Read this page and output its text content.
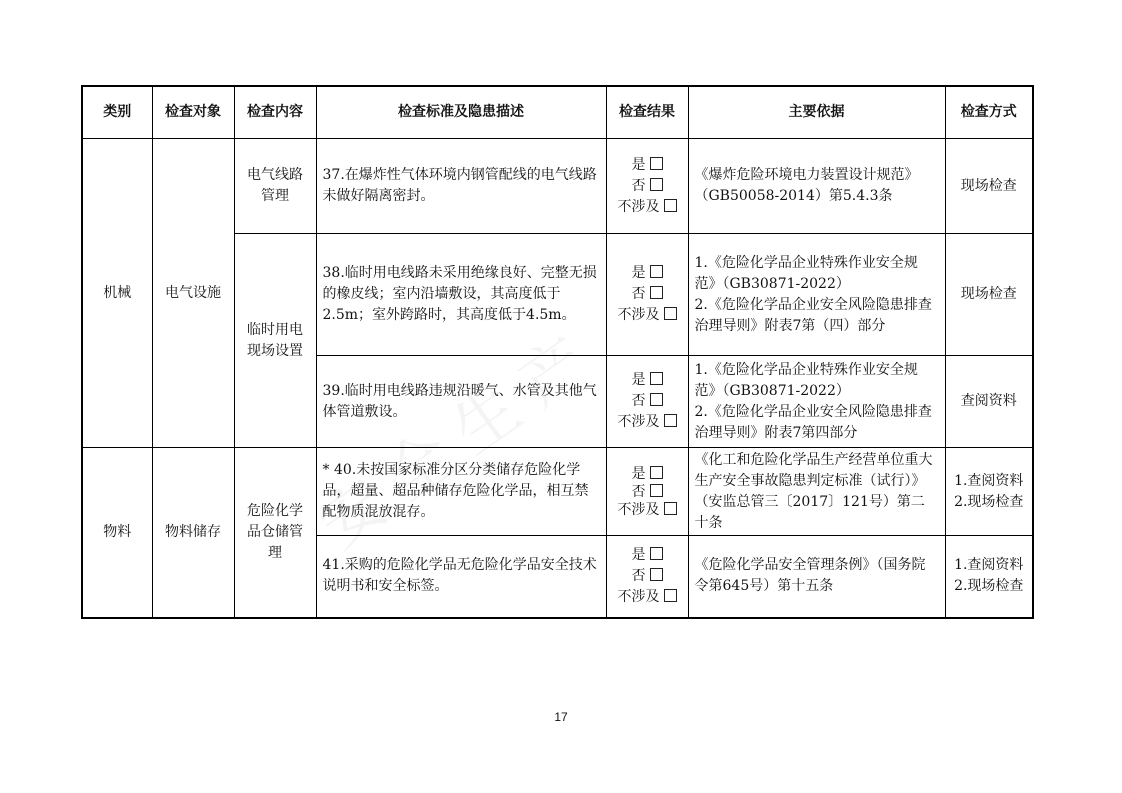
类别	检查对象	检查内容	检查标准及隐患描述	检查结果	主要依据	检查方式
机械	电气设施	电气线路管理	37.在爆炸性气体环境内钢管配线的电气线路未做好隔离密封。	是
否
不涉及	《爆炸危险环境电力装置设计规范》（GB50058-2014）第5.4.3条	现场检查

		临时用电现场设置	38.临时用电线路未采用绝缘良好、完整无损的橡皮线；室内沿墙敷设，其高度低于2.5m；室外跨路时，其高度低于4.5m。	是
否
不涉及	1.《危险化学品企业特殊作业安全规范》（GB30871-2022）
2.《危险化学品企业安全风险隐患排查治理导则》附表7第（四）部分	现场检查

			39.临时用电线路违规沿暖气、水管及其他气体管道敷设。	是
否
不涉及	1.《危险化学品企业特殊作业安全规范》（GB30871-2022）
2.《危险化学品企业安全风险隐患排查治理导则》附表7第四部分	查阅资料

物料	物料储存	危险化学品仓储管理	* 40.未按国家标准分区分类储存危险化学品，超量、超品种储存危险化学品，相互禁配物质混放混存。	是
否
不涉及	《化工和危险化学品生产经营单位重大生产安全事故隐患判定标准（试行）》（安监总管三〔2017〕121号）第二十条	1.查阅资料
2.现场检查

			41.采购的危险化学品无危险化学品安全技术说明书和安全标签。	是
否
不涉及	《危险化学品安全管理条例》（国务院令第645号）第十五条	1.查阅资料
2.现场检查
17
